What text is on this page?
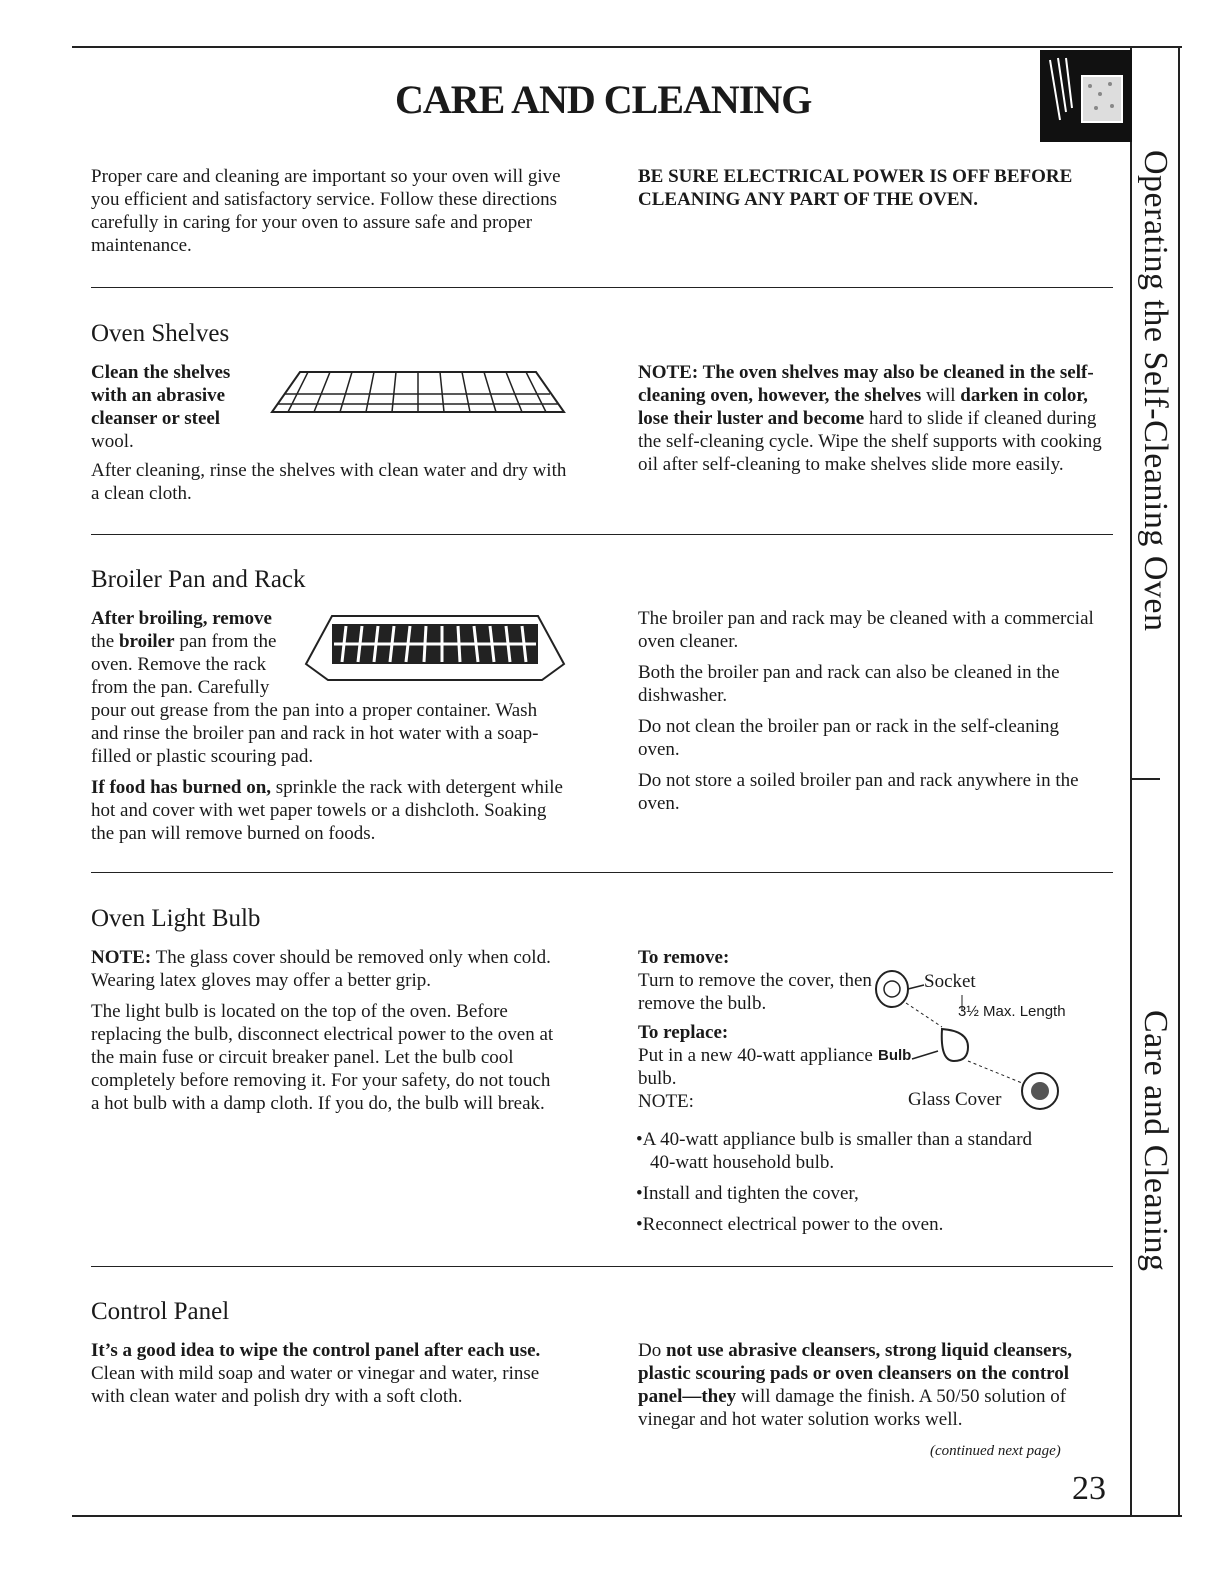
CARE AND CLEANING
Operating the Self-Cleaning Oven
Care and Cleaning

Proper care and cleaning are important so your oven will give you efficient and satisfactory service. Follow these directions carefully in caring for your oven to assure safe and proper maintenance.

BE SURE ELECTRICAL POWER IS OFF BEFORE CLEANING ANY PART OF THE OVEN.

Oven Shelves

Clean the shelves with an abrasive cleanser or steel wool.

After cleaning, rinse the shelves with clean water and dry with a clean cloth.

NOTE: The oven shelves may also be cleaned in the self-cleaning oven, however, the shelves will darken in color, lose their luster and become hard to slide if cleaned during the self-cleaning cycle. Wipe the shelf supports with cooking oil after self-cleaning to make shelves slide more easily.

Broiler Pan and Rack

After broiling, remove

the broiler pan from the

oven. Remove the rack

from the pan. Carefully

pour out grease from the pan into a proper container. Wash and rinse the broiler pan and rack in hot water with a soap-filled or plastic scouring pad.

If food has burned on, sprinkle the rack with detergent while hot and cover with wet paper towels or a dishcloth. Soaking the pan will remove burned on foods.

The broiler pan and rack may be cleaned with a commercial oven cleaner.

Both the broiler pan and rack can also be cleaned in the dishwasher.

Do not clean the broiler pan or rack in the self-cleaning oven.

Do not store a soiled broiler pan and rack anywhere in the oven.

Oven Light Bulb

NOTE: The glass cover should be removed only when cold. Wearing latex gloves may offer a better grip.

The light bulb is located on the top of the oven. Before replacing the bulb, disconnect electrical power to the oven at the main fuse or circuit breaker panel. Let the bulb cool completely before removing it. For your safety, do not touch a hot bulb with a damp cloth. If you do, the bulb will break.

To remove:

Turn to remove the cover, then remove the bulb.

To replace:

Put in a new 40-watt appliance bulb.

NOTE:

•A 40-watt appliance bulb is smaller than a standard 40-watt household bulb.

•Install and tighten the cover,

•Reconnect electrical power to the oven.

Socket
3½ Max. Length
Bulb
Glass Cover
Control Panel

It’s a good idea to wipe the control panel after each use. Clean with mild soap and water or vinegar and water, rinse with clean water and polish dry with a soft cloth.

Do not use abrasive cleansers, strong liquid cleansers, plastic scouring pads or oven cleansers on the control panel—they will damage the finish. A 50/50 solution of vinegar and hot water solution works well.

(continued next page)
23
